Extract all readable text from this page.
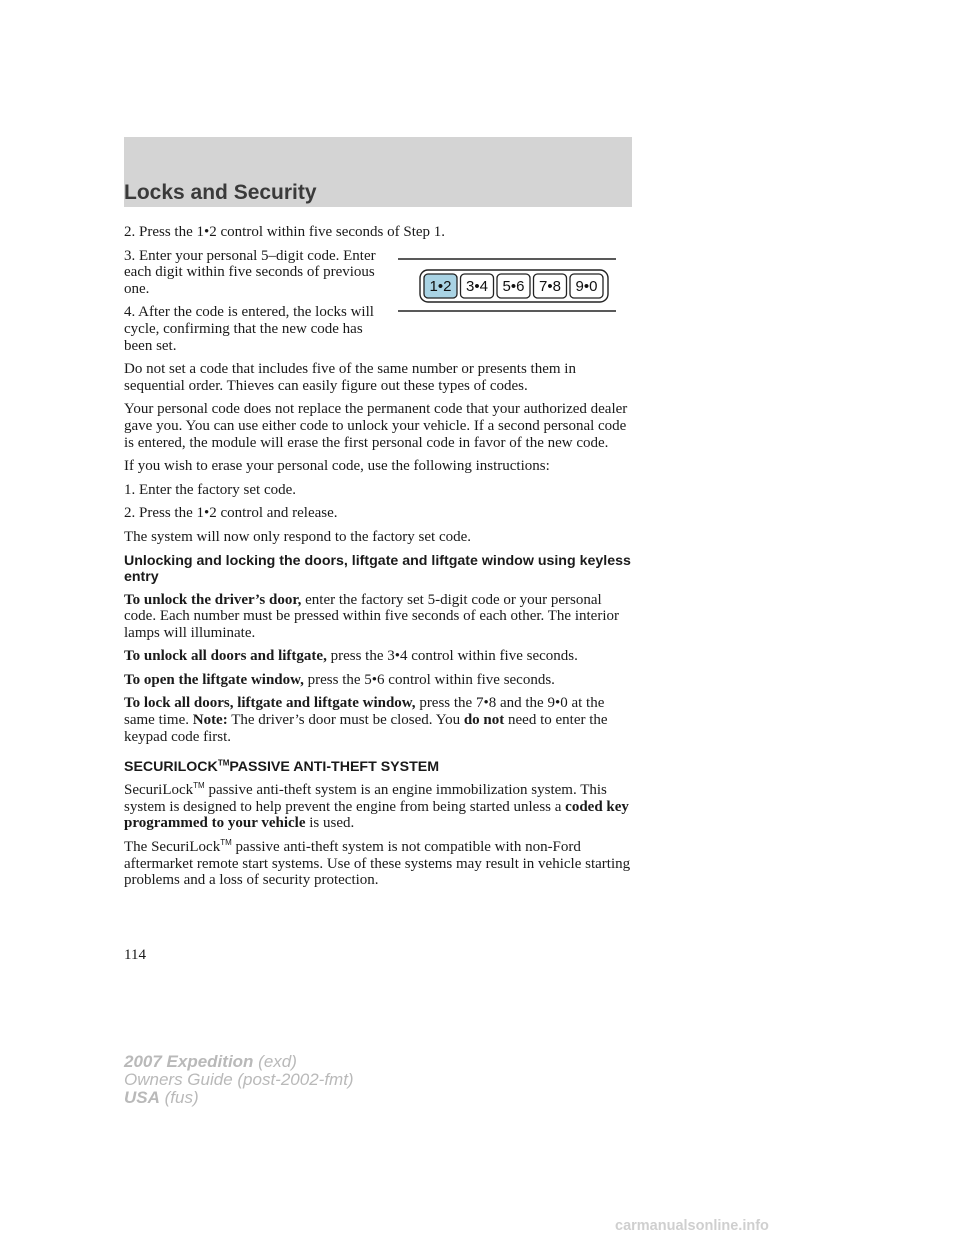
Locks and Security
1•2 3•4 5•6 7•8 9•0

2. Press the 1•2 control within five seconds of Step 1.

3. Enter your personal 5–digit code. Enter each digit within five seconds of previous one.

4. After the code is entered, the locks will cycle, confirming that the new code has been set.

Do not set a code that includes five of the same number or presents them in sequential order. Thieves can easily figure out these types of codes.

Your personal code does not replace the permanent code that your authorized dealer gave you. You can use either code to unlock your vehicle. If a second personal code is entered, the module will erase the first personal code in favor of the new code.

If you wish to erase your personal code, use the following instructions:

1. Enter the factory set code.

2. Press the 1•2 control and release.

The system will now only respond to the factory set code.

Unlocking and locking the doors, liftgate and liftgate window using keyless entry

To unlock the driver’s door, enter the factory set 5-digit code or your personal code. Each number must be pressed within five seconds of each other. The interior lamps will illuminate.

To unlock all doors and liftgate, press the 3•4 control within five seconds.

To open the liftgate window, press the 5•6 control within five seconds.

To lock all doors, liftgate and liftgate window, press the 7•8 and the 9•0 at the same time. Note: The driver’s door must be closed. You do not need to enter the keypad code first.

SECURILOCK™PASSIVE ANTI-THEFT SYSTEM

SecuriLock™ passive anti-theft system is an engine immobilization system. This system is designed to help prevent the engine from being started unless a coded key programmed to your vehicle is used.

The SecuriLock™ passive anti-theft system is not compatible with non-Ford aftermarket remote start systems. Use of these systems may result in vehicle starting problems and a loss of security protection.

114
2007 Expedition (exd)
Owners Guide (post-2002-fmt)
USA (fus)
carmanualsonline.info
